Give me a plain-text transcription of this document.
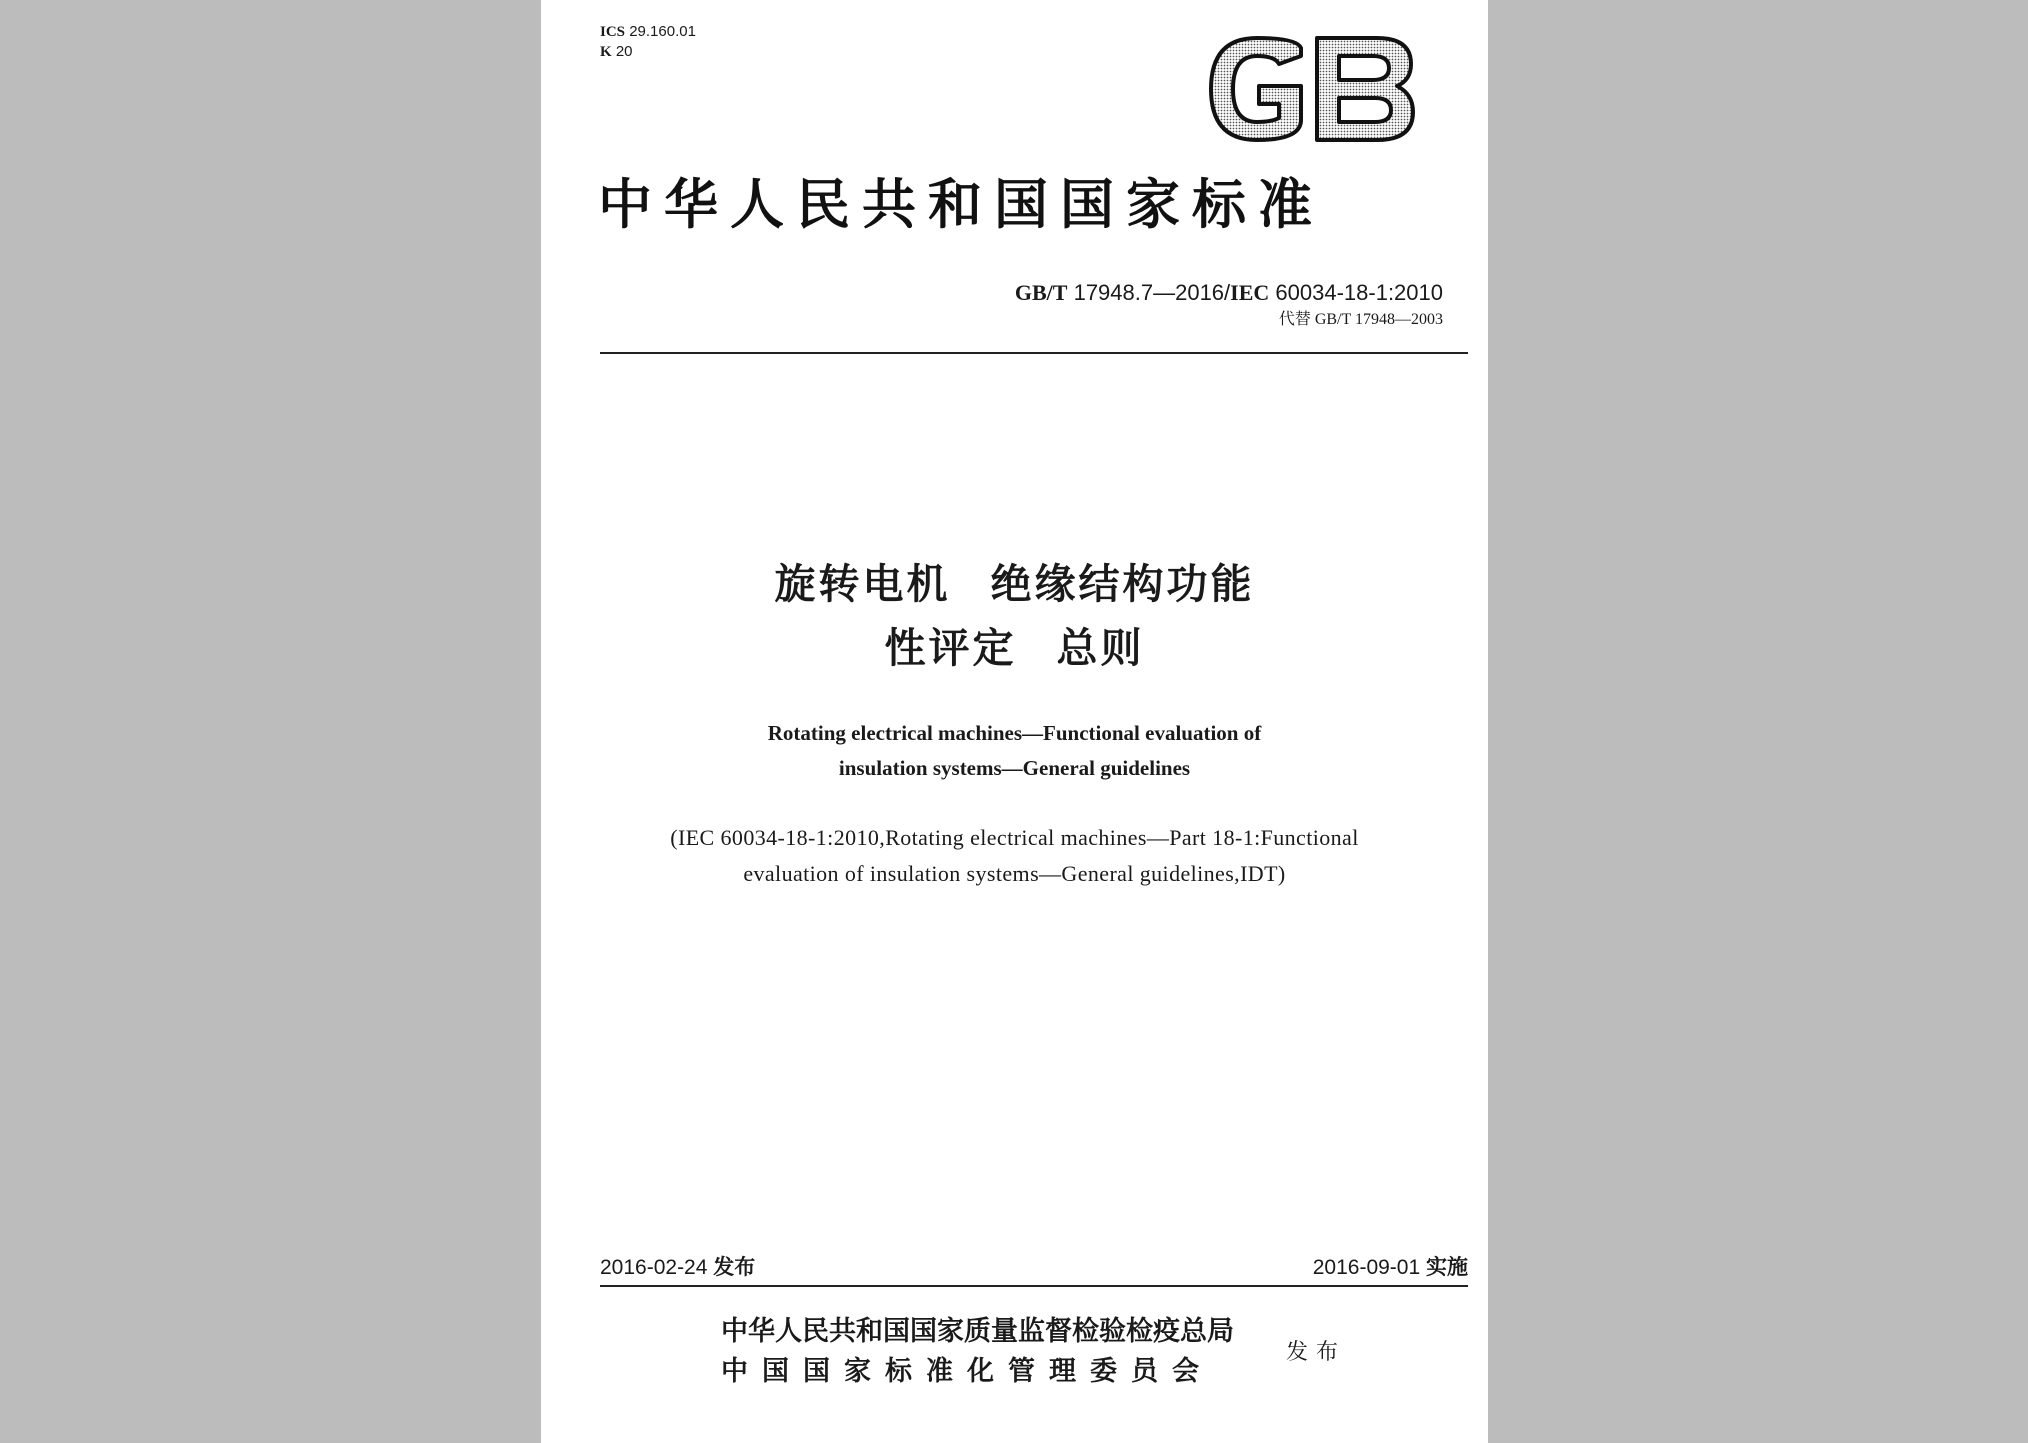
ICS 29.160.01
K 20
GB
中华人民共和国国家标准
GB/T 17948.7—2016/IEC 60034-18-1:2010
代替 GB/T 17948—2003
旋转电机 绝缘结构功能
性评定 总则
Rotating electrical machines—Functional evaluation of
insulation systems—General guidelines
(IEC 60034-18-1:2010,Rotating electrical machines—Part 18-1:Functional
evaluation of insulation systems—General guidelines,IDT)
2016-02-24 发布	2016-09-01 实施
中华人民共和国国家质量监督检验检疫总局
中国国家标准化管理委员会
发布
